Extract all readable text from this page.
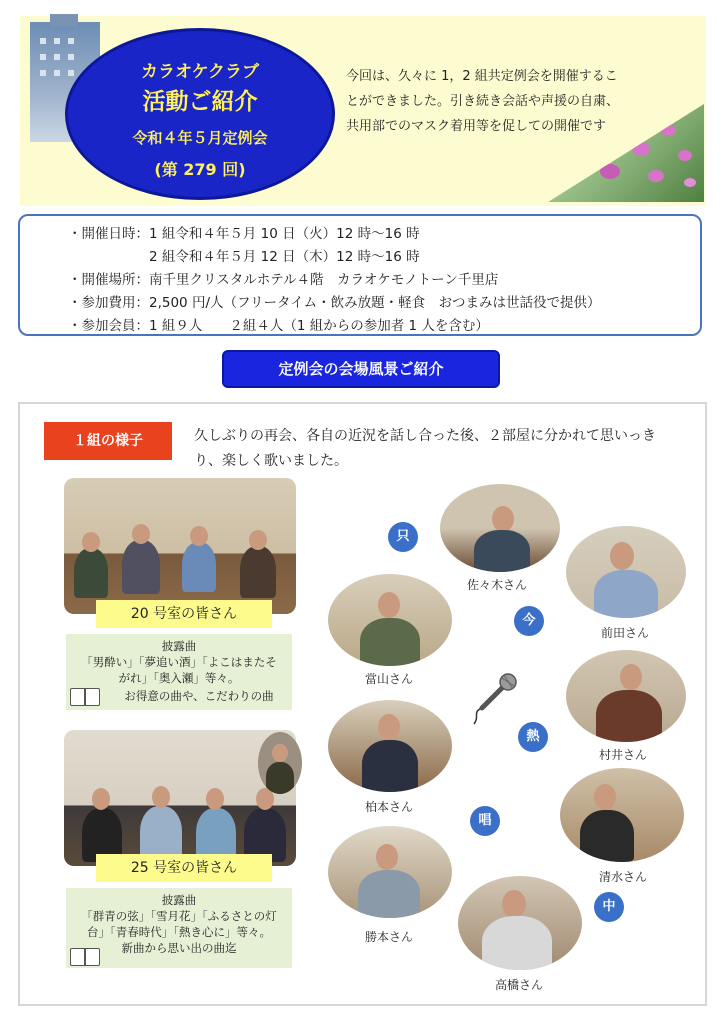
カラオケクラブ
活動ご紹介
令和４年５月定例会
(第 279 回)
今回は、久々に 1，2 組共定例会を開催することができました。引き続き会話や声援の自粛、共用部でのマスク着用等を促しての開催です
・開催日時：1 組令和４年５月 10 日（火）12 時～16 時
　　　　　　2 組令和４年５月 12 日（木）12 時～16 時
・開催場所：南千里クリスタルホテル４階　カラオケモノトーン千里店
・参加費用：2,500 円/人（フリータイム・飲み放題・軽食　おつまみは世話役で提供）
・参加会員：1 組９人　　２組４人（1 組からの参加者 1 人を含む）
定例会の会場風景ご紹介
１組の様子	久しぶりの再会、各自の近況を話し合った後、２部屋に分かれて思いっきり、楽しく歌いました。
20 号室の皆さん
披露曲
「男酔い」「夢追い酒」「よこはまたそ
がれ」「奥入瀬」等々。
お得意の曲や、こだわりの曲
25 号室の皆さん
披露曲
「群青の弦」「雪月花」「ふるさとの灯
台」「青春時代」「熱き心に」等々。
新曲から思い出の曲迄
佐々木さん
前田さん
當山さん
村井さん
柏本さん
清水さん
勝本さん
高橋さん
只
今
熱
唱
中
